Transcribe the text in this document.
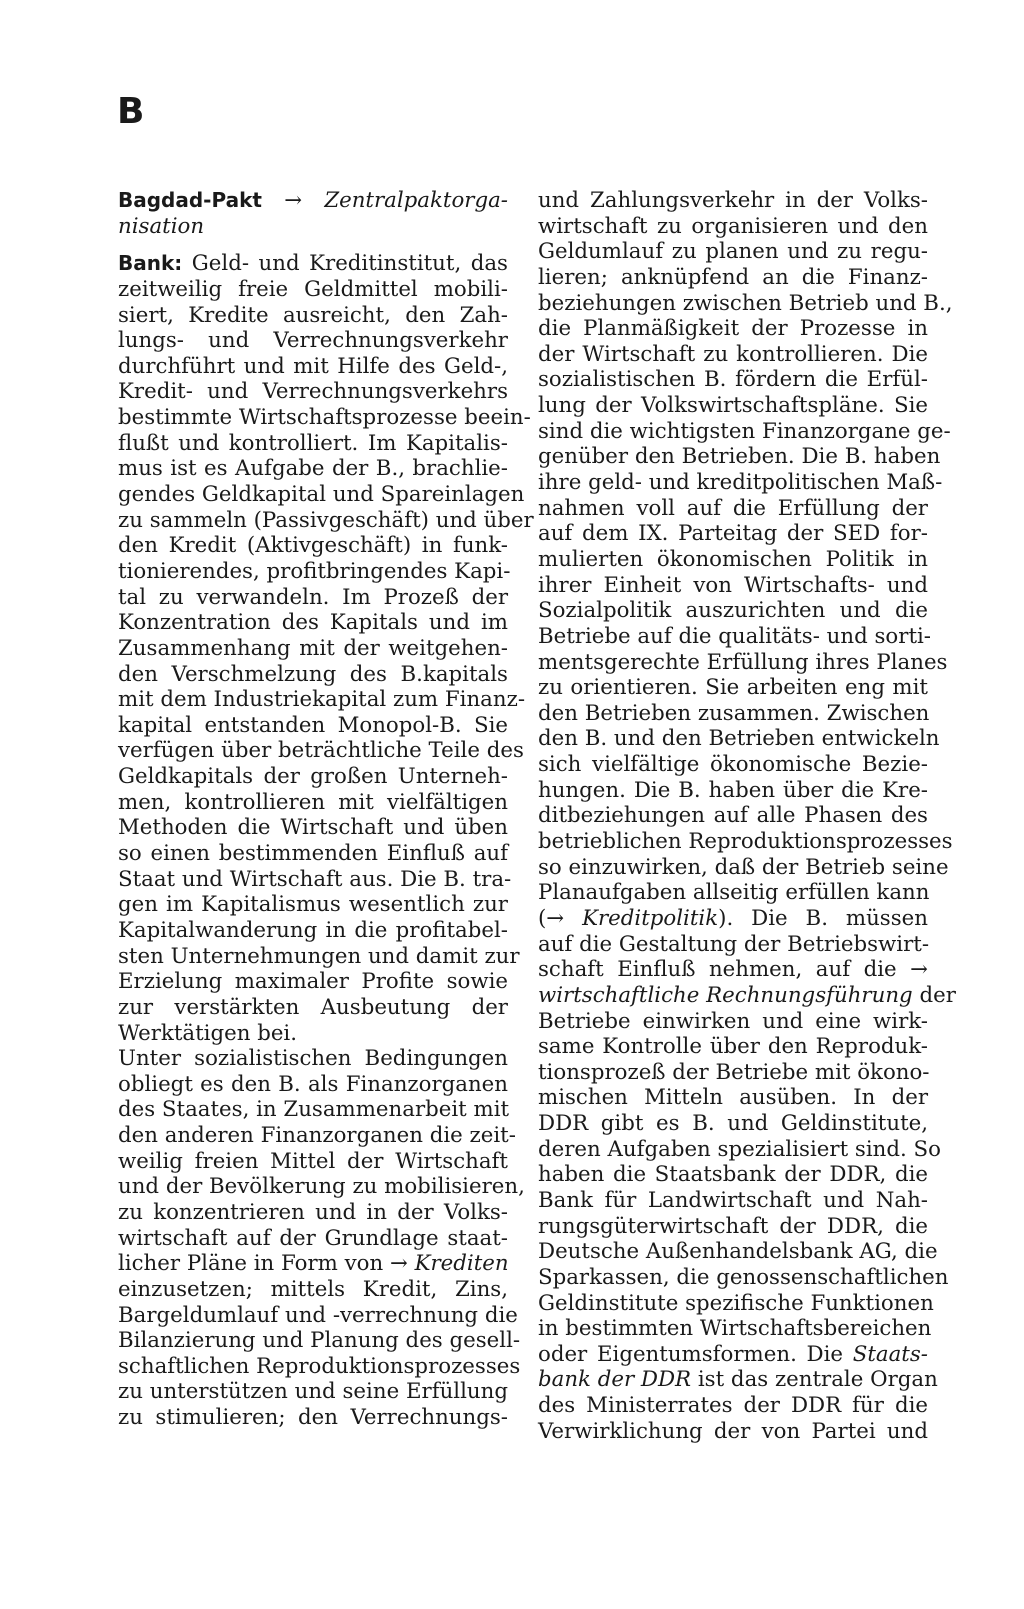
B
Bagdad-Pakt → Zentralpaktorga-
nisation
Bank: Geld- und Kreditinstitut, das
zeitweilig freie Geldmittel mobili-
siert, Kredite ausreicht, den Zah-
lungs- und Verrechnungsverkehr
durchführt und mit Hilfe des Geld-,
Kredit- und Verrechnungsverkehrs
bestimmte Wirtschaftsprozesse beein-
flußt und kontrolliert. Im Kapitalis-
mus ist es Aufgabe der B., brachlie-
gendes Geldkapital und Spareinlagen
zu sammeln (Passivgeschäft) und über
den Kredit (Aktivgeschäft) in funk-
tionierendes, profitbringendes Kapi-
tal zu verwandeln. Im Prozeß der
Konzentration des Kapitals und im
Zusammenhang mit der weitgehen-
den Verschmelzung des B.kapitals
mit dem Industriekapital zum Finanz-
kapital entstanden Monopol-B. Sie
verfügen über beträchtliche Teile des
Geldkapitals der großen Unterneh-
men, kontrollieren mit vielfältigen
Methoden die Wirtschaft und üben
so einen bestimmenden Einfluß auf
Staat und Wirtschaft aus. Die B. tra-
gen im Kapitalismus wesentlich zur
Kapitalwanderung in die profitabel-
sten Unternehmungen und damit zur
Erzielung maximaler Profite sowie
zur verstärkten Ausbeutung der
Werktätigen bei.
Unter sozialistischen Bedingungen
obliegt es den B. als Finanzorganen
des Staates, in Zusammenarbeit mit
den anderen Finanzorganen die zeit-
weilig freien Mittel der Wirtschaft
und der Bevölkerung zu mobilisieren,
zu konzentrieren und in der Volks-
wirtschaft auf der Grundlage staat-
licher Pläne in Form von → Krediten
einzusetzen; mittels Kredit, Zins,
Bargeldumlauf und -verrechnung die
Bilanzierung und Planung des gesell-
schaftlichen Reproduktionsprozesses
zu unterstützen und seine Erfüllung
zu stimulieren; den Verrechnungs-
und Zahlungsverkehr in der Volks-
wirtschaft zu organisieren und den
Geldumlauf zu planen und zu regu-
lieren; anknüpfend an die Finanz-
beziehungen zwischen Betrieb und B.,
die Planmäßigkeit der Prozesse in
der Wirtschaft zu kontrollieren. Die
sozialistischen B. fördern die Erfül-
lung der Volkswirtschaftspläne. Sie
sind die wichtigsten Finanzorgane ge-
genüber den Betrieben. Die B. haben
ihre geld- und kreditpolitischen Maß-
nahmen voll auf die Erfüllung der
auf dem IX. Parteitag der SED for-
mulierten ökonomischen Politik in
ihrer Einheit von Wirtschafts- und
Sozialpolitik auszurichten und die
Betriebe auf die qualitäts- und sorti-
mentsgerechte Erfüllung ihres Planes
zu orientieren. Sie arbeiten eng mit
den Betrieben zusammen. Zwischen
den B. und den Betrieben entwickeln
sich vielfältige ökonomische Bezie-
hungen. Die B. haben über die Kre-
ditbeziehungen auf alle Phasen des
betrieblichen Reproduktionsprozesses
so einzuwirken, daß der Betrieb seine
Planaufgaben allseitig erfüllen kann
(→ Kreditpolitik). Die B. müssen
auf die Gestaltung der Betriebswirt-
schaft Einfluß nehmen, auf die →
wirtschaftliche Rechnungsführung der
Betriebe einwirken und eine wirk-
same Kontrolle über den Reproduk-
tionsprozeß der Betriebe mit ökono-
mischen Mitteln ausüben. In der
DDR gibt es B. und Geldinstitute,
deren Aufgaben spezialisiert sind. So
haben die Staatsbank der DDR, die
Bank für Landwirtschaft und Nah-
rungsgüterwirtschaft der DDR, die
Deutsche Außenhandelsbank AG, die
Sparkassen, die genossenschaftlichen
Geldinstitute spezifische Funktionen
in bestimmten Wirtschaftsbereichen
oder Eigentumsformen. Die Staats-
bank der DDR ist das zentrale Organ
des Ministerrates der DDR für die
Verwirklichung der von Partei und
